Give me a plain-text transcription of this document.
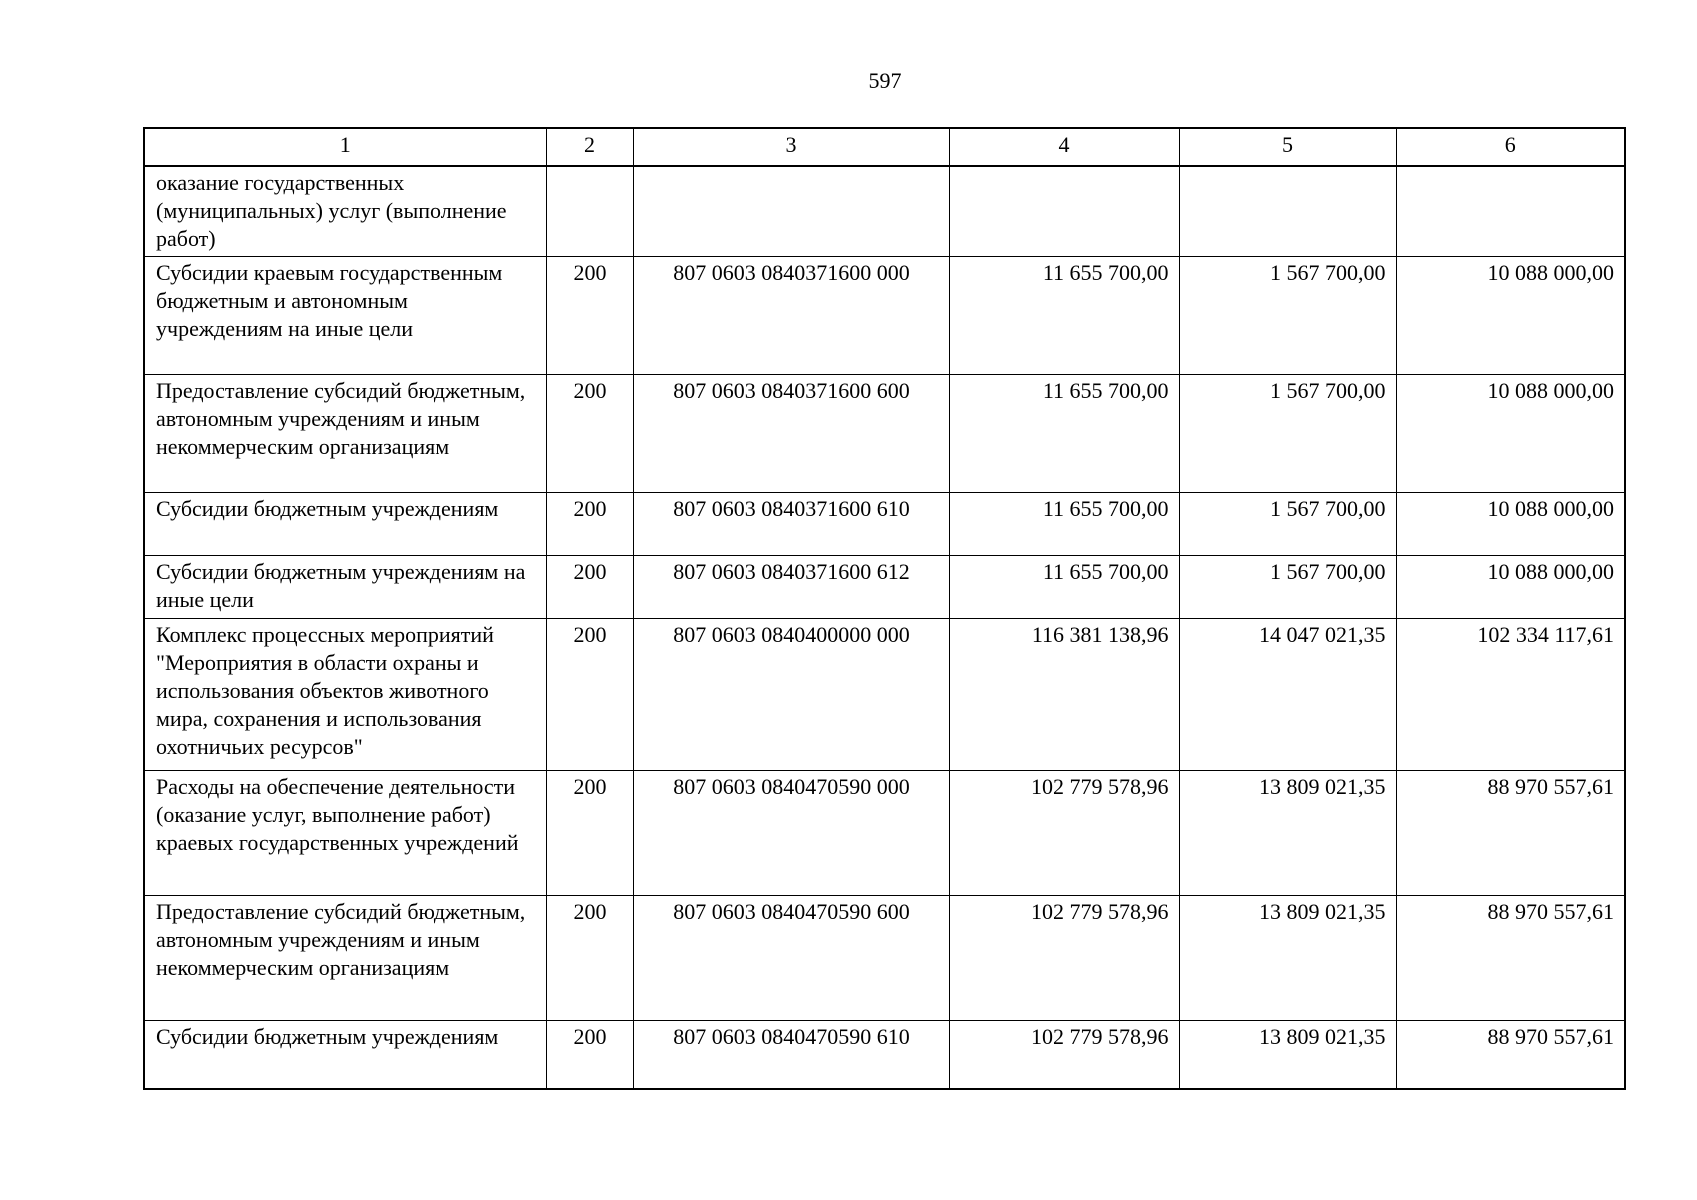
597
1	2	3	4	5	6
оказание государственных (муниципальных) услуг (выполнение работ)					
Субсидии краевым государственным бюджетным и автономным учреждениям на иные цели	200	807 0603 0840371600 000	11 655 700,00	1 567 700,00	10 088 000,00
Предоставление субсидий бюджетным, автономным учреждениям и иным некоммерческим организациям	200	807 0603 0840371600 600	11 655 700,00	1 567 700,00	10 088 000,00
Субсидии бюджетным учреждениям	200	807 0603 0840371600 610	11 655 700,00	1 567 700,00	10 088 000,00
Субсидии бюджетным учреждениям на иные цели	200	807 0603 0840371600 612	11 655 700,00	1 567 700,00	10 088 000,00
Комплекс процессных мероприятий "Мероприятия в области охраны и использования объектов животного мира, сохранения и использования охотничьих ресурсов"	200	807 0603 0840400000 000	116 381 138,96	14 047 021,35	102 334 117,61
Расходы на обеспечение деятельности (оказание услуг, выполнение работ) краевых государственных учреждений	200	807 0603 0840470590 000	102 779 578,96	13 809 021,35	88 970 557,61
Предоставление субсидий бюджетным, автономным учреждениям и иным некоммерческим организациям	200	807 0603 0840470590 600	102 779 578,96	13 809 021,35	88 970 557,61
Субсидии бюджетным учреждениям	200	807 0603 0840470590 610	102 779 578,96	13 809 021,35	88 970 557,61
